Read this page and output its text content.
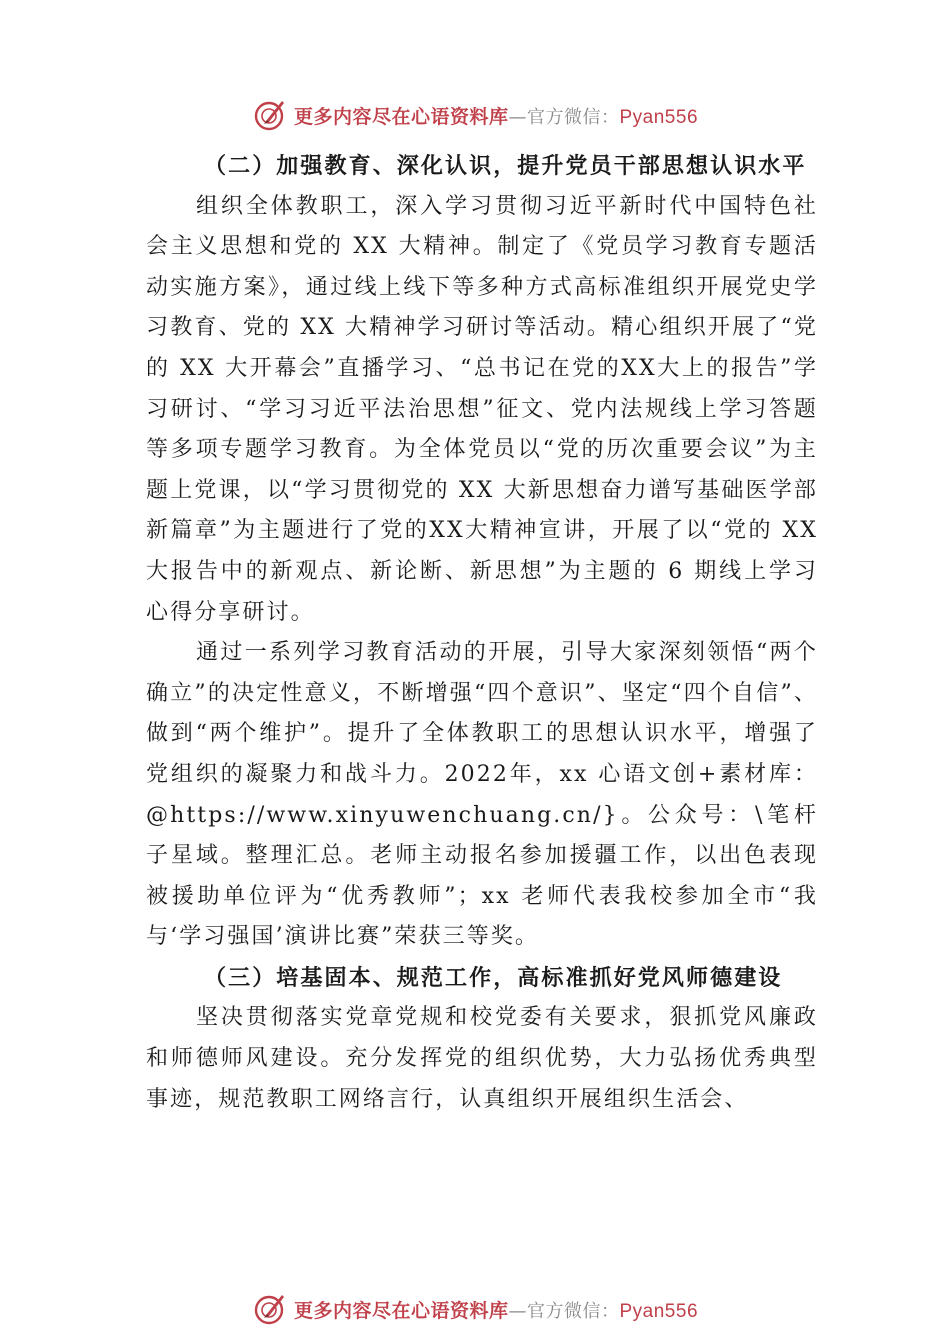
更多内容尽在心语资料库—官方微信：Pyan556

（二）加强教育、深化认识，提升党员干部思想认识水平

组织全体教职工，深入学习贯彻习近平新时代中国特色社会主义思想和党的 XX 大精神。制定了《党员学习教育专题活动实施方案》，通过线上线下等多种方式高标准组织开展党史学习教育、党的 XX 大精神学习研讨等活动。精心组织开展了“党的 XX 大开幕会”直播学习、“总书记在党的XX大上的报告”学习研讨、“学习习近平法治思想”征文、党内法规线上学习答题等多项专题学习教育。为全体党员以“党的历次重要会议”为主题上党课，以“学习贯彻党的 XX 大新思想奋力谱写基础医学部新篇章”为主题进行了党的XX大精神宣讲，开展了以“党的 XX 大报告中的新观点、新论断、新思想”为主题的 6 期线上学习心得分享研讨。

通过一系列学习教育活动的开展，引导大家深刻领悟“两个确立”的决定性意义，不断增强“四个意识”、坚定“四个自信”、做到“两个维护”。提升了全体教职工的思想认识水平，增强了党组织的凝聚力和战斗力。2022年，xx 心语文创+素材库：@https://www.xinyuwenchuang.cn/}。公众号：\笔杆子星域。整理汇总。老师主动报名参加援疆工作，以出色表现被援助单位评为“优秀教师”；xx 老师代表我校参加全市“我与‘学习强国’演讲比赛”荣获三等奖。

（三）培基固本、规范工作，高标准抓好党风师德建设

坚决贯彻落实党章党规和校党委有关要求，狠抓党风廉政和师德师风建设。充分发挥党的组织优势，大力弘扬优秀典型事迹，规范教职工网络言行，认真组织开展组织生活会、

更多内容尽在心语资料库—官方微信：Pyan556
